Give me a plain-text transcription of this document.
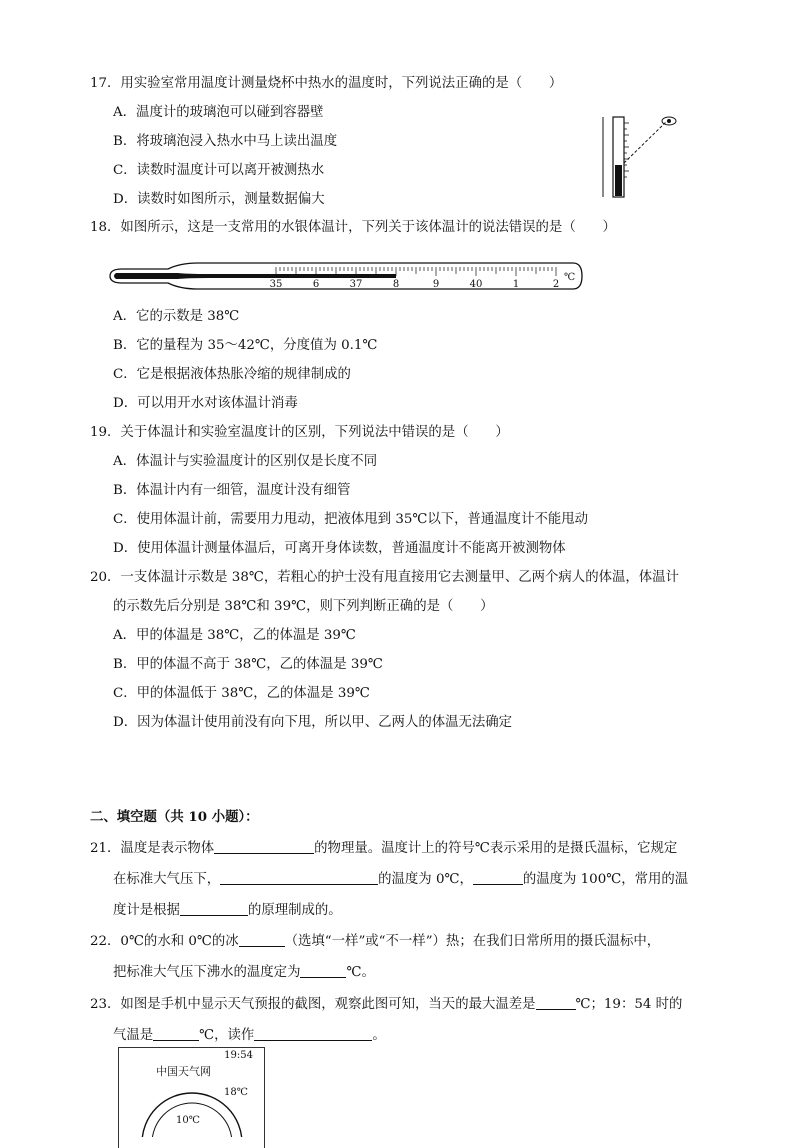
17．用实验室常用温度计测量烧杯中热水的温度时，下列说法正确的是（　　）
A．温度计的玻璃泡可以碰到容器壁
B．将玻璃泡浸入热水中马上读出温度
C．读数时温度计可以离开被测热水
D．读数时如图所示，测量数据偏大
18．如图所示，这是一支常用的水银体温计，下列关于该体温计的说法错误的是（　　）
35	6	37	8	9	40	1	2
℃
A．它的示数是 38℃
B．它的量程为 35～42℃，分度值为 0.1℃
C．它是根据液体热胀冷缩的规律制成的
D．可以用开水对该体温计消毒
19．关于体温计和实验室温度计的区别，下列说法中错误的是（　　）
A．体温计与实验温度计的区别仅是长度不同
B．体温计内有一细管，温度计没有细管
C．使用体温计前，需要用力甩动，把液体甩到 35℃以下，普通温度计不能甩动
D．使用体温计测量体温后，可离开身体读数，普通温度计不能离开被测物体
20．一支体温计示数是 38℃，若粗心的护士没有甩直接用它去测量甲、乙两个病人的体温，体温计
的示数先后分别是 38℃和 39℃，则下列判断正确的是（　　）
A．甲的体温是 38℃，乙的体温是 39℃
B．甲的体温不高于 38℃，乙的体温是 39℃
C．甲的体温低于 38℃，乙的体温是 39℃
D．因为体温计使用前没有向下甩，所以甲、乙两人的体温无法确定
二、填空题（共 10 小题）：
21．温度是表示物体	的物理量。温度计上的符号℃表示采用的是摄氏温标，它规定
在标准大气压下，	的温度为 0℃，	的温度为 100℃，常用的温
度计是根据	的原理制成的。
22．0℃的水和 0℃的冰	（选填“一样”或“不一样”）热；在我们日常所用的摄氏温标中，
把标准大气压下沸水的温度定为	℃。
23．如图是手机中显示天气预报的截图，观察此图可知，当天的最大温差是	℃；19：54 时的
气温是	℃，读作	。
19:54
中国天气网
18℃
10℃
